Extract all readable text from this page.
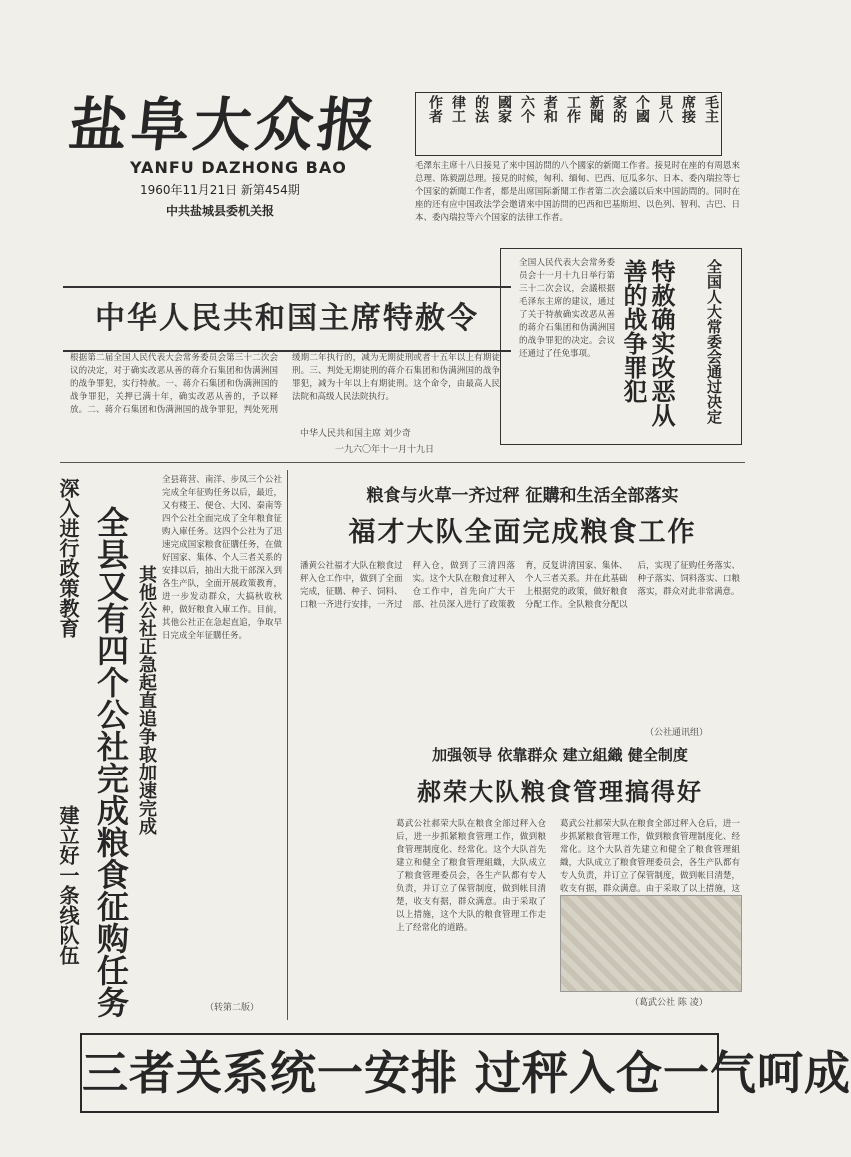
盐阜大众报
YANFU DAZHONG BAO
1960年11月21日 新第454期
中共盐城县委机关报
毛主
席接
見八
个國
家的
新聞
工作
者和
六个
國家
的法
律工
作者
毛澤东主席十八日接見了來中国訪問的八个國家的新聞工作者。接見时在座的有周恩來总理、陈毅副总理。接見的时候，匈利、缅甸、巴西、厄瓜多尔、日本、委內瑞拉等七个国家的新聞工作者，都是出席国际新聞工作者第二次会議以后來中国訪問的。同时在座的还有应中国政法学会邀请來中国訪問的巴西和巴基斯坦、以色列、智利、古巴、日本、委內瑞拉等六个国家的法律工作者。
中华人民共和国主席特赦令
根据第二届全国人民代表大会常务委员会第三十二次会议的决定，对于确实改恶从善的蒋介石集团和伪满洲国的战争罪犯，实行特赦。一、蒋介石集团和伪满洲国的战争罪犯，关押已满十年，确实改恶从善的，予以释放。二、蒋介石集团和伪满洲国的战争罪犯，判处死刑缓期二年执行的，减为无期徒刑或者十五年以上有期徒刑。三、判处无期徒刑的蒋介石集团和伪满洲国的战争罪犯，减为十年以上有期徒刑。这个命令，由最高人民法院和高级人民法院执行。
中华人民共和国主席 刘少奇
一九六〇年十一月十九日
全国人民代表大会常务委员会十一月十九日举行第三十二次会议，会議根据毛泽东主席的建议，通过了关于特赦确实改恶从善的蒋介石集团和伪满洲国的战争罪犯的决定。会议还通过了任免事项。	特赦确实改恶从善的战争罪犯	全国人大常委会通过决定
深入进行政策教育
建立好一条线队伍 全县又有四个公社完成粮食征购任务 其他公社正急起直追争取加速完成
全县蒋营、南洋、步凤三个公社完成全年征购任务以后，最近，又有楼王、便仓、大冈、秦南等四个公社全面完成了全年粮食征购入庫任务。这四个公社为了迅速完成国家粮食征購任务，在做好国家、集体、个人三者关系的安排以后，抽出大批干部深入到各生产队，全面开展政策教育，进一步发动群众，大搞秋收秋种，做好粮食入庫工作。目前，其他公社正在急起直追，争取早日完成全年征購任务。
（转第二版）
粮食与火草一齐过秤 征購和生活全部落实
福才大队全面完成粮食工作
潘黄公社福才大队在粮食过秤入仓工作中，做到了全面完成，征購、种子、饲料、口粮一齐进行安排，一齐过秤入仓，做到了三清四落实。这个大队在粮食过秤入仓工作中，首先向广大干部、社员深入进行了政策教育，反复讲清国家、集体、个人三者关系。并在此基础上根据党的政策，做好粮食分配工作。全队粮食分配以后，实现了征购任务落实、种子落实、饲料落实、口粮落实，群众对此非常满意。
（公社通讯组）
加强领导 依靠群众 建立組織 健全制度
郝荣大队粮食管理搞得好
葛武公社郝荣大队在粮食全部过秤入仓后，进一步抓紧粮食管理工作，做到粮食管理制度化、经常化。这个大队首先建立和健全了粮食管理組織，大队成立了粮食管理委员会，各生产队都有专人负责，并订立了保管制度，做到帐目清楚，收支有据，群众满意。由于采取了以上措施，这个大队的粮食管理工作走上了经常化的道路。
葛武公社郝荣大队在粮食全部过秤入仓后，进一步抓紧粮食管理工作，做到粮食管理制度化、经常化。这个大队首先建立和健全了粮食管理組織，大队成立了粮食管理委员会，各生产队都有专人负责，并订立了保管制度，做到帐目清楚，收支有据，群众满意。由于采取了以上措施，这
（葛武公社 陈 凌）
三者关系统一安排 过秤入仓一气呵成
